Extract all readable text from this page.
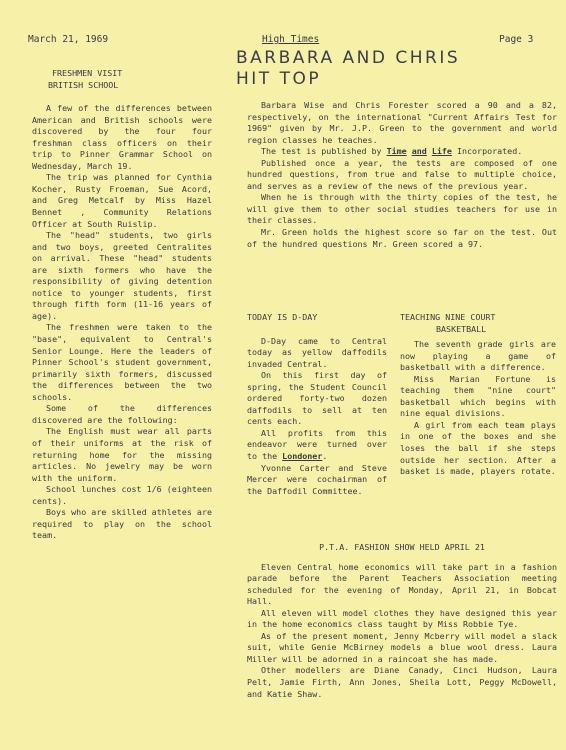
March 21, 1969	High Times	Page 3
BARBARA AND CHRIS
HIT TOP
FRESHMEN VISIT
BRITISH SCHOOL

A few of the differences between American and British schools were discovered by the four four freshman class officers on their trip to Pinner Grammar School on Wednesday, March 19.

The trip was planned for Cynthia Kocher, Rusty Froeman, Sue Acord, and Greg Metcalf by Miss Hazel Bennet , Community Relations Officer at South Ruislip.

The "head" students, two girls and two boys, greeted Centralites on arrival. These "head" students are sixth formers who have the responsibility of giving detention notice to younger students, first through fifth form (11-16 years of age).

The freshmen were taken to the "base", equivalent to Central's Senior Lounge. Here the leaders of Pinner School's student government, primarily sixth formers, discussed the differences between the two schools.

Some of the differences discovered are the following:

The English must wear all parts of their uniforms at the risk of returning home for the missing articles. No jewelry may be worn with the uniform.

School lunches cost 1/6 (eighteen cents).

Boys who are skilled athletes are required to play on the school team.

Barbara Wise and Chris Forester scored a 90 and a 82, respectively, on the international "Current Affairs Test for 1969" given by Mr. J.P. Green to the government and world region classes he teaches.

The test is published by Time and Life Incorporated.

Published once a year, the tests are composed of one hundred questions, from true and false to multiple choice, and serves as a review of the news of the previous year.

When he is through with the thirty copies of the test, he will give them to other social studies teachers for use in their classes.

Mr. Green holds the highest score so far on the test. Out of the hundred questions Mr. Green scored a 97.

TODAY IS D-DAY

D-Day came to Central today as yellow daffodils invaded Central.

On this first day of spring, the Student Council ordered forty-two dozen daffodils to sell at ten cents each.

All profits from this endeavor were turned over to the Londoner.

Yvonne Carter and Steve Mercer were cochairman of the Daffodil Committee.

TEACHING NINE COURT
BASKETBALL

The seventh grade girls are now playing a game of basketball with a difference.

Miss Marian Fortune is teaching them "nine court" basketball which begins with nine equal divisions.

A girl from each team plays in one of the boxes and she loses the ball if she steps outside her section. After a basket is made, players rotate.

P.T.A. FASHION SHOW HELD APRIL 21

Eleven Central home economics will take part in a fashion parade before the Parent Teachers Association meeting scheduled for the evening of Monday, April 21, in Bobcat Hall.

All eleven will model clothes they have designed this year in the home economics class taught by Miss Robbie Tye.

As of the present moment, Jenny Mcberry will model a slack suit, while Genie McBirney models a blue wool dress. Laura Miller will be adorned in a raincoat she has made.

Other modellers are Diane Canady, Cinci Hudson, Laura Pelt, Jamie Firth, Ann Jones, Sheila Lott, Peggy McDowell, and Katie Shaw.
